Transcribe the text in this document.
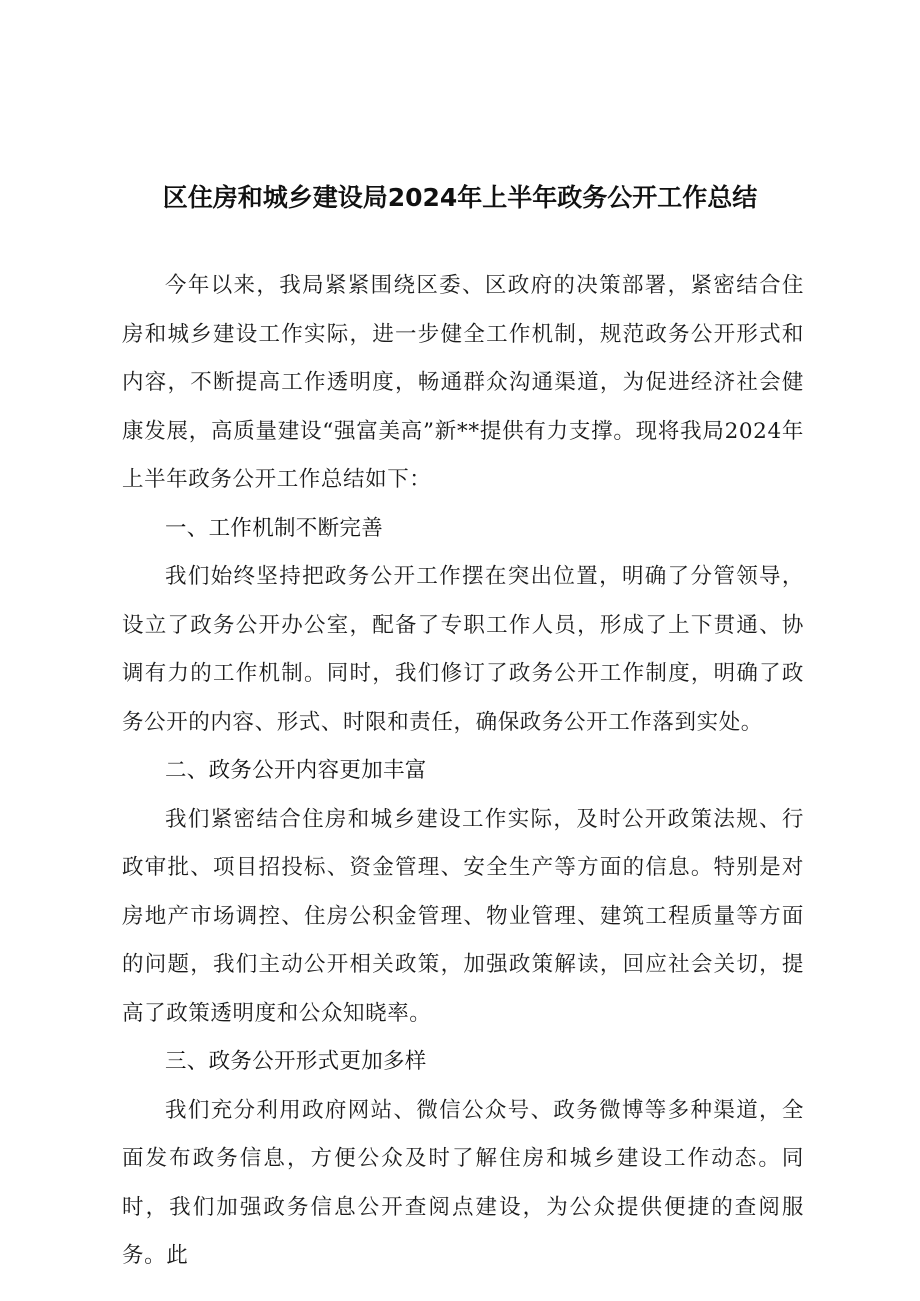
区住房和城乡建设局2024年上半年政务公开工作总结

今年以来，我局紧紧围绕区委、区政府的决策部署，紧密结合住房和城乡建设工作实际，进一步健全工作机制，规范政务公开形式和内容，不断提高工作透明度，畅通群众沟通渠道，为促进经济社会健康发展，高质量建设“强富美高”新**提供有力支撑。现将我局2024年上半年政务公开工作总结如下：

一、工作机制不断完善

我们始终坚持把政务公开工作摆在突出位置，明确了分管领导，设立了政务公开办公室，配备了专职工作人员，形成了上下贯通、协调有力的工作机制。同时，我们修订了政务公开工作制度，明确了政务公开的内容、形式、时限和责任，确保政务公开工作落到实处。

二、政务公开内容更加丰富

我们紧密结合住房和城乡建设工作实际，及时公开政策法规、行政审批、项目招投标、资金管理、安全生产等方面的信息。特别是对房地产市场调控、住房公积金管理、物业管理、建筑工程质量等方面的问题，我们主动公开相关政策，加强政策解读，回应社会关切，提高了政策透明度和公众知晓率。

三、政务公开形式更加多样

我们充分利用政府网站、微信公众号、政务微博等多种渠道，全面发布政务信息，方便公众及时了解住房和城乡建设工作动态。同时，我们加强政务信息公开查阅点建设，为公众提供便捷的查阅服务。此
